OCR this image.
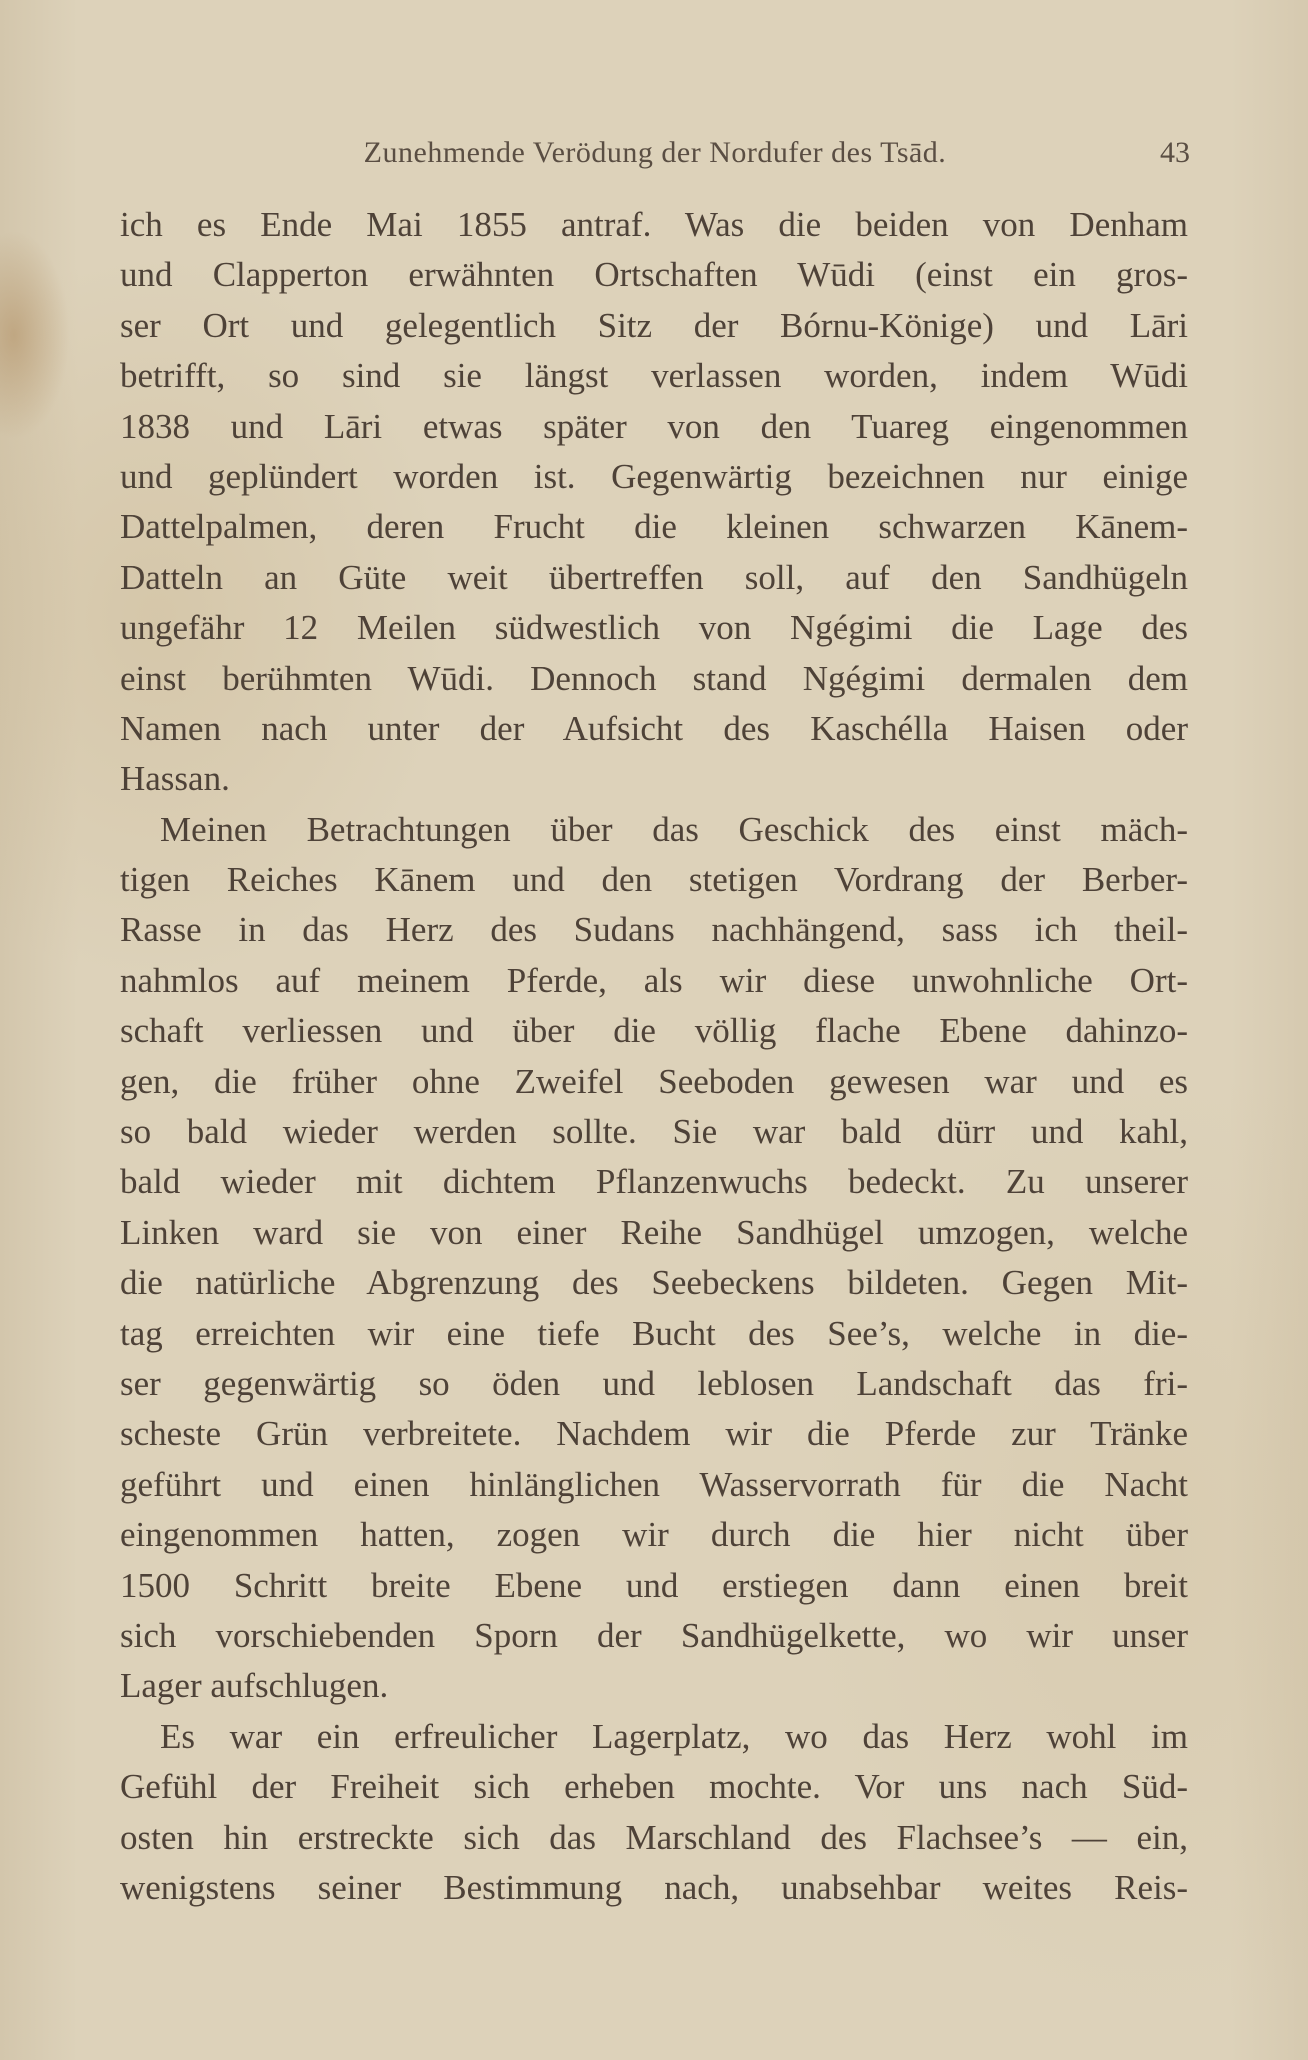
Zunehmende Verödung der Nordufer des Tsād.	43
ich es Ende Mai 1855 antraf. Was die beiden von Denham
und Clapperton erwähnten Ortschaften Wūdi (einst ein gros-
ser Ort und gelegentlich Sitz der Bórnu-Könige) und Lāri
betrifft, so sind sie längst verlassen worden, indem Wūdi
1838 und Lāri etwas später von den Tuareg eingenommen
und geplündert worden ist. Gegenwärtig bezeichnen nur einige
Dattelpalmen, deren Frucht die kleinen schwarzen Kānem-
Datteln an Güte weit übertreffen soll, auf den Sandhügeln
ungefähr 12 Meilen südwestlich von Ngégimi die Lage des
einst berühmten Wūdi. Dennoch stand Ngégimi dermalen dem
Namen nach unter der Aufsicht des Kaschélla Haisen oder
Hassan.
Meinen Betrachtungen über das Geschick des einst mäch-
tigen Reiches Kānem und den stetigen Vordrang der Berber-
Rasse in das Herz des Sudans nachhängend, sass ich theil-
nahmlos auf meinem Pferde, als wir diese unwohnliche Ort-
schaft verliessen und über die völlig flache Ebene dahinzo-
gen, die früher ohne Zweifel Seeboden gewesen war und es
so bald wieder werden sollte. Sie war bald dürr und kahl,
bald wieder mit dichtem Pflanzenwuchs bedeckt. Zu unserer
Linken ward sie von einer Reihe Sandhügel umzogen, welche
die natürliche Abgrenzung des Seebeckens bildeten. Gegen Mit-
tag erreichten wir eine tiefe Bucht des See’s, welche in die-
ser gegenwärtig so öden und leblosen Landschaft das fri-
scheste Grün verbreitete. Nachdem wir die Pferde zur Tränke
geführt und einen hinlänglichen Wasservorrath für die Nacht
eingenommen hatten, zogen wir durch die hier nicht über
1500 Schritt breite Ebene und erstiegen dann einen breit
sich vorschiebenden Sporn der Sandhügelkette, wo wir unser
Lager aufschlugen.
Es war ein erfreulicher Lagerplatz, wo das Herz wohl im
Gefühl der Freiheit sich erheben mochte. Vor uns nach Süd-
osten hin erstreckte sich das Marschland des Flachsee’s — ein,
wenigstens seiner Bestimmung nach, unabsehbar weites Reis-
